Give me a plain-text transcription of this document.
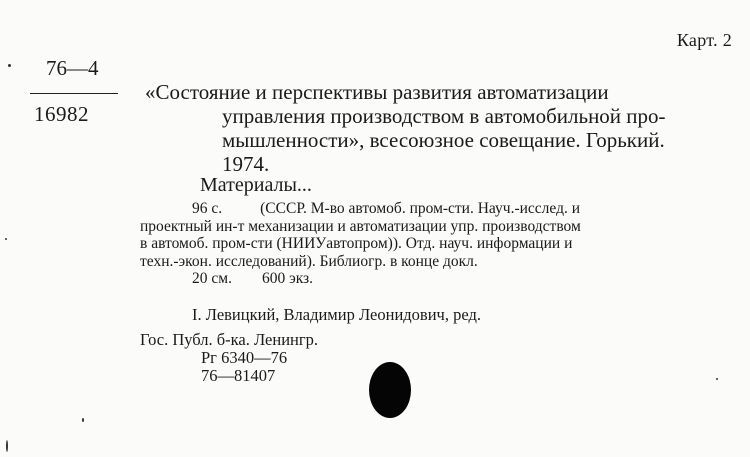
Карт. 2
76—4
16982
«Состояние и перспективы развития автоматизации
управления производством в автомобильной про-
мышленности», всесоюзное совещание. Горький.
1974.
Материалы...
96 с. (СССР. М-во автомоб. пром-сти. Науч.-исслед. и
проектный ин-т механизации и автоматизации упр. производством
в автомоб. пром-сти (НИИУавтопром)). Отд. науч. информации и
техн.-экон. исследований). Библиогр. в конце докл.
20 см. 600 экз.
I. Левицкий, Владимир Леонидович, ред.
Гос. Публ. б-ка. Ленингр.
Рг 6340—76
76—81407
